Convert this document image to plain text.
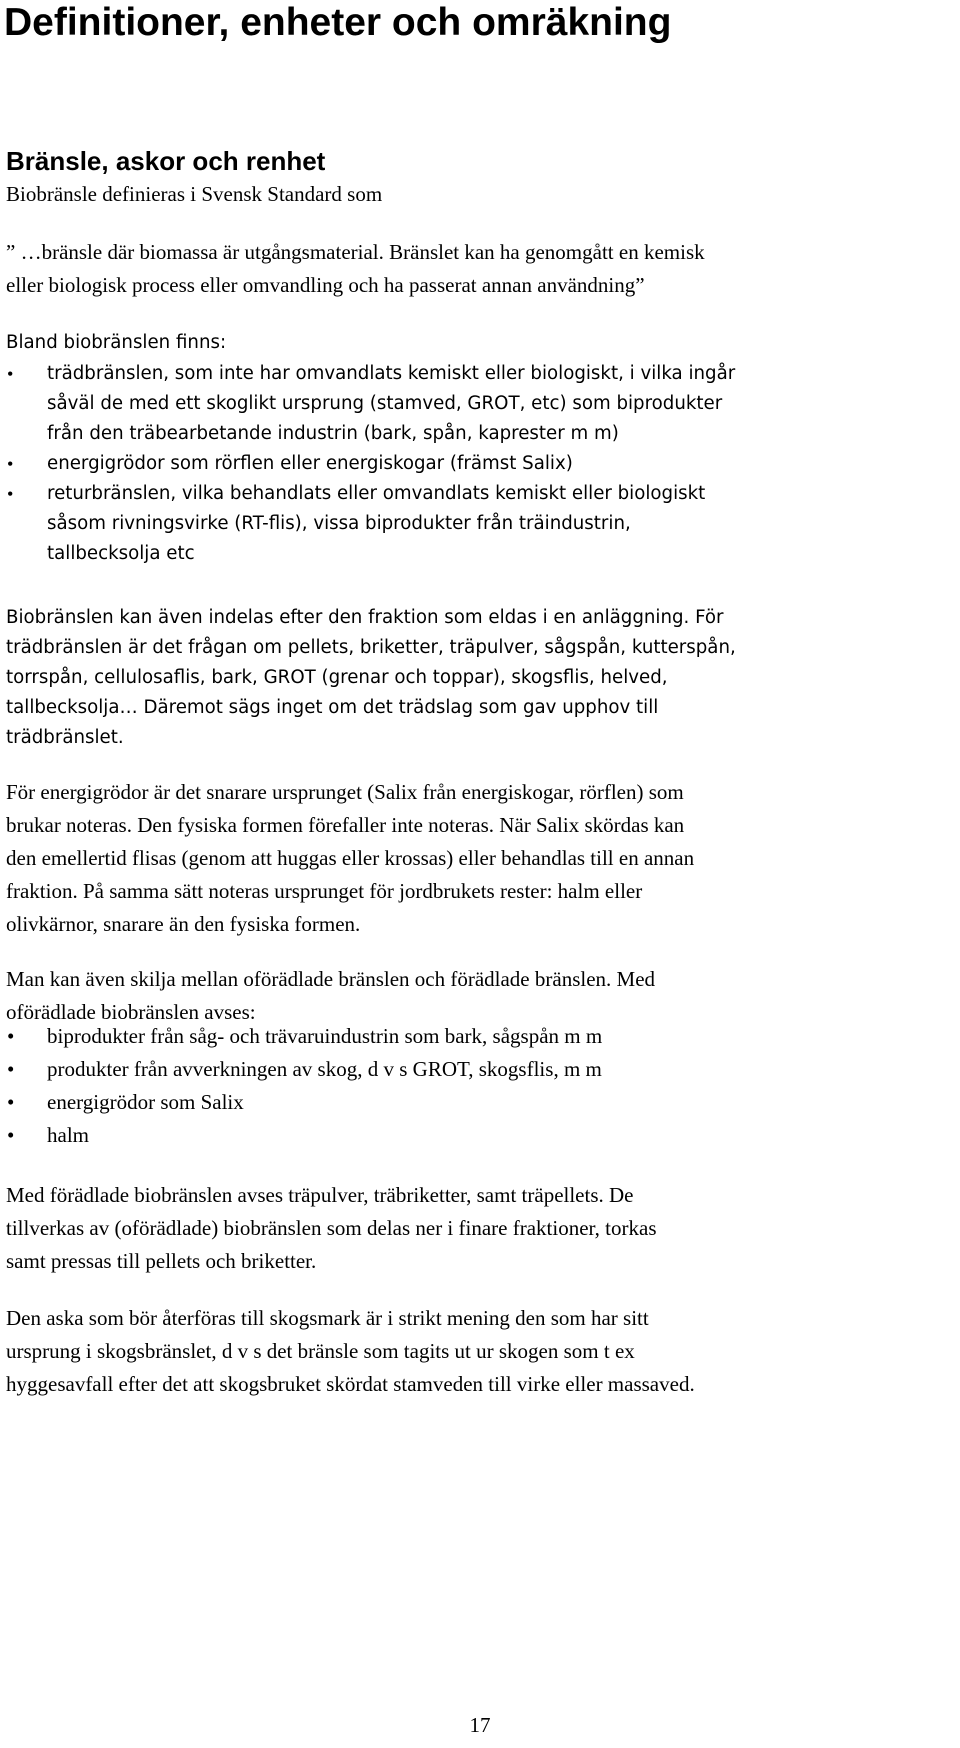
Definitioner, enheter och omräkning
Bränsle, askor och renhet

Biobränsle definieras i Svensk Standard som

” …bränsle där biomassa är utgångsmaterial. Bränslet kan ha genomgått en kemisk
eller biologisk process eller omvandling och ha passerat annan användning”

Bland biobränslen finns:

• trädbränslen, som inte har omvandlats kemiskt eller biologiskt, i vilka ingår
såväl de med ett skoglikt ursprung (stamved, GROT, etc) som biprodukter
från den träbearbetande industrin (bark, spån, kaprester m m)
• energigrödor som rörflen eller energiskogar (främst Salix)
• returbränslen, vilka behandlats eller omvandlats kemiskt eller biologiskt
såsom rivningsvirke (RT-flis), vissa biprodukter från träindustrin,
tallbecksolja etc
Biobränslen kan även indelas efter den fraktion som eldas i en anläggning. För
trädbränslen är det frågan om pellets, briketter, träpulver, sågspån, kutterspån,
torrspån, cellulosaflis, bark, GROT (grenar och toppar), skogsflis, helved,
tallbecksolja… Däremot sägs inget om det trädslag som gav upphov till
trädbränslet.
För energigrödor är det snarare ursprunget (Salix från energiskogar, rörflen) som
brukar noteras. Den fysiska formen förefaller inte noteras. När Salix skördas kan
den emellertid flisas (genom att huggas eller krossas) eller behandlas till en annan
fraktion. På samma sätt noteras ursprunget för jordbrukets rester: halm eller
olivkärnor, snarare än den fysiska formen.
Man kan även skilja mellan oförädlade bränslen och förädlade bränslen. Med
oförädlade biobränslen avses:
• biprodukter från såg- och trävaruindustrin som bark, sågspån m m
• produkter från avverkningen av skog, d v s GROT, skogsflis, m m
• energigrödor som Salix
• halm
Med förädlade biobränslen avses träpulver, träbriketter, samt träpellets. De
tillverkas av (oförädlade) biobränslen som delas ner i finare fraktioner, torkas
samt pressas till pellets och briketter.
Den aska som bör återföras till skogsmark är i strikt mening den som har sitt
ursprung i skogsbränslet, d v s det bränsle som tagits ut ur skogen som t ex
hyggesavfall efter det att skogsbruket skördat stamveden till virke eller massaved.
17
